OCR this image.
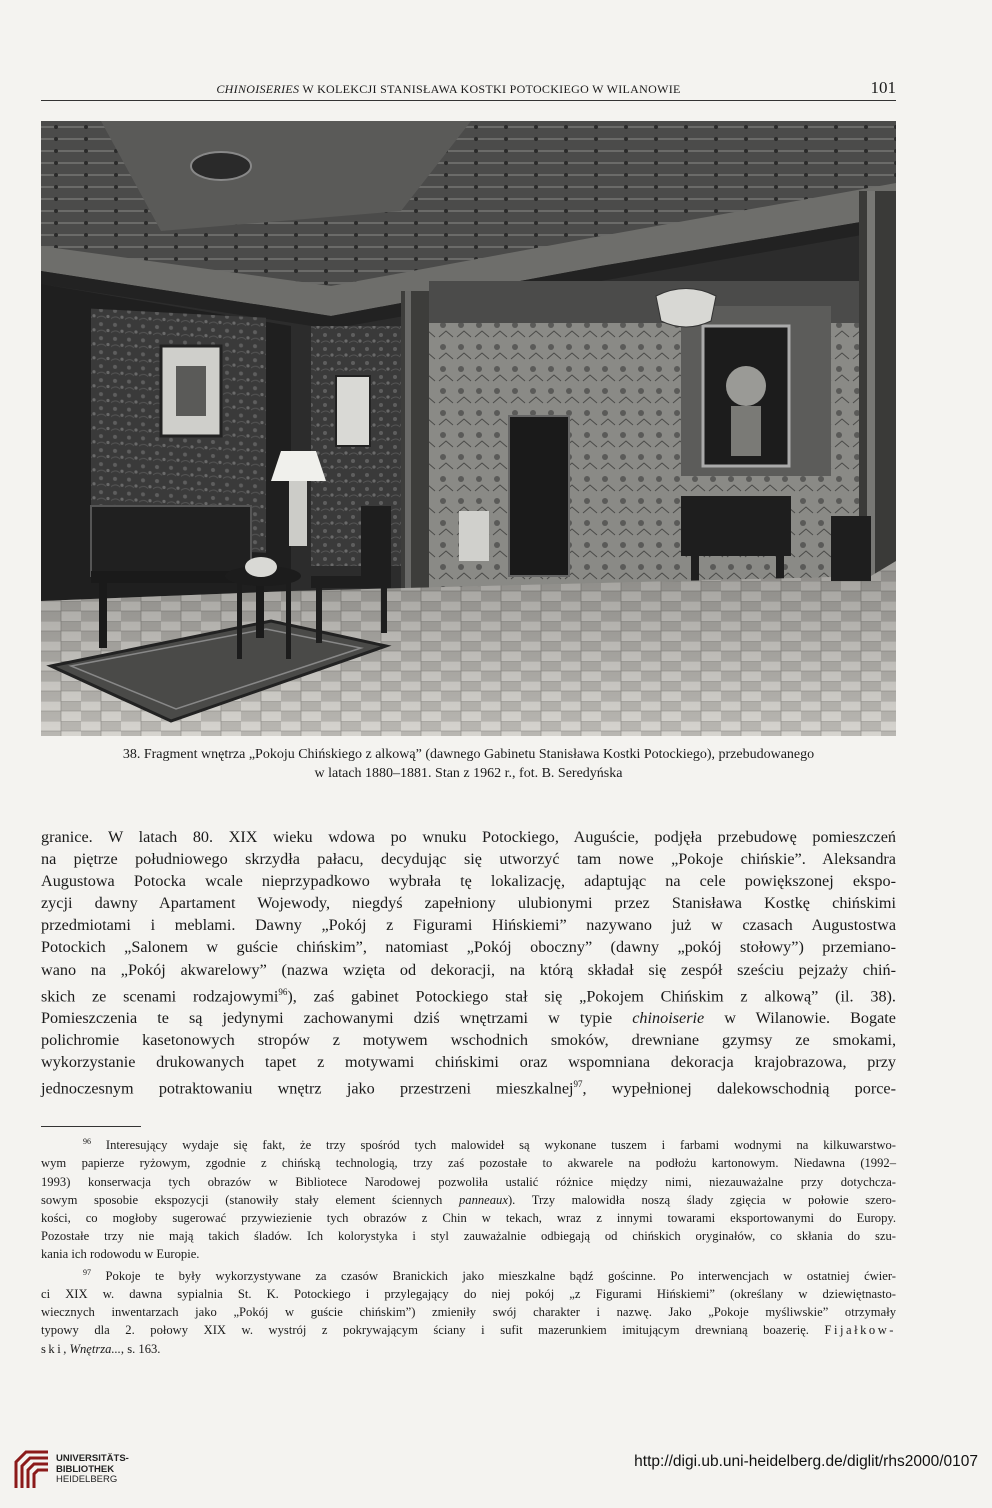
CHINOISERIES W KOLEKCJI STANISŁAWA KOSTKI POTOCKIEGO W WILANOWIE	101
38. Fragment wnętrza „Pokoju Chińskiego z alkową” (dawnego Gabinetu Stanisława Kostki Potockiego), przebudowanego
w latach 1880–1881. Stan z 1962 r., fot. B. Seredyńska
granice. W latach 80. XIX wieku wdowa po wnuku Potockiego, Auguście, podjęła przebudowę pomieszczeń
na piętrze południowego skrzydła pałacu, decydując się utworzyć tam nowe „Pokoje chińskie”. Aleksandra
Augustowa Potocka wcale nieprzypadkowo wybrała tę lokalizację, adaptując na cele powiększonej ekspo-
zycji dawny Apartament Wojewody, niegdyś zapełniony ulubionymi przez Stanisława Kostkę chińskimi
przedmiotami i meblami. Dawny „Pokój z Figurami Hińskiemi” nazywano już w czasach Augustostwa
Potockich „Salonem w guście chińskim”, natomiast „Pokój oboczny” (dawny „pokój stołowy”) przemiano-
wano na „Pokój akwarelowy” (nazwa wzięta od dekoracji, na którą składał się zespół sześciu pejzaży chiń-
skich ze scenami rodzajowymi$^{96}$), zaś gabinet Potockiego stał się „Pokojem Chińskim z alkową” (il. 38).
Pomieszczenia te są jedynymi zachowanymi dziś wnętrzami w typie chinoiserie w Wilanowie. Bogate
polichromie kasetonowych stropów z motywem wschodnich smoków, drewniane gzymsy ze smokami,
wykorzystanie drukowanych tapet z motywami chińskimi oraz wspomniana dekoracja krajobrazowa, przy
jednoczesnym potraktowaniu wnętrz jako przestrzeni mieszkalnej$^{97}$, wypełnionej dalekowschodnią porce-
$^{96}$ Interesujący wydaje się fakt, że trzy spośród tych malowideł są wykonane tuszem i farbami wodnymi na kilkuwarstwo-
wym papierze ryżowym, zgodnie z chińską technologią, trzy zaś pozostałe to akwarele na podłożu kartonowym. Niedawna (1992–
1993) konserwacja tych obrazów w Bibliotece Narodowej pozwoliła ustalić różnice między nimi, niezauważalne przy dotychcza-
sowym sposobie ekspozycji (stanowiły stały element ściennych panneaux). Trzy malowidła noszą ślady zgięcia w połowie szero-
kości, co mogłoby sugerować przywiezienie tych obrazów z Chin w tekach, wraz z innymi towarami eksportowanymi do Europy.
Pozostałe trzy nie mają takich śladów. Ich kolorystyka i styl zauważalnie odbiegają od chińskich oryginałów, co skłania do szu-
kania ich rodowodu w Europie.
$^{97}$ Pokoje te były wykorzystywane za czasów Branickich jako mieszkalne bądź gościnne. Po interwencjach w ostatniej ćwier-
ci XIX w. dawna sypialnia St. K. Potockiego i przylegający do niej pokój „z Figurami Hińskiemi” (określany w dziewiętnasto-
wiecznych inwentarzach jako „Pokój w guście chińskim”) zmieniły swój charakter i nazwę. Jako „Pokoje myśliwskie” otrzymały
typowy dla 2. połowy XIX w. wystrój z pokrywającym ściany i sufit mazerunkiem imitującym drewnianą boazerię. Fijałkow-
ski, Wnętrza..., s. 163.
UNIVERSITÄTS-
BIBLIOTHEK
HEIDELBERG
http://digi.ub.uni-heidelberg.de/diglit/rhs2000/0107
